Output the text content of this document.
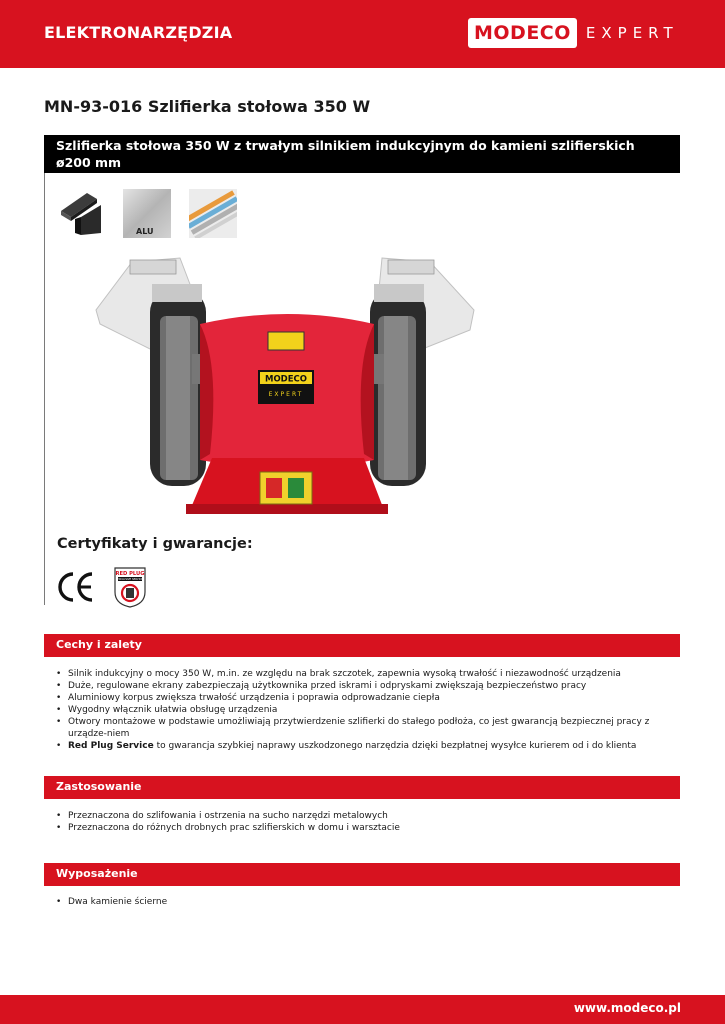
ELEKTRONARZĘDZIA	MODECO	EXPERT
MN-93-016 Szlifierka stołowa 350 W
Szlifierka stołowa 350 W z trwałym silnikiem indukcyjnym do kamieni szlifierskich ø200 mm
ALU
MODECO
EXPERT
Certyfikaty i gwarancje:
RED PLUG
EXCLUSIVE SERVICE
Cechy i zalety
• Silnik indukcyjny o mocy 350 W, m.in. ze względu na brak szczotek, zapewnia wysoką trwałość i niezawodność urządzenia
• Duże, regulowane ekrany zabezpieczają użytkownika przed iskrami i odpryskami zwiększają bezpieczeństwo pracy
• Aluminiowy korpus zwiększa trwałość urządzenia i poprawia odprowadzanie ciepła
• Wygodny włącznik ułatwia obsługę urządzenia
• Otwory montażowe w podstawie umożliwiają przytwierdzenie szlifierki do stałego podłoża, co jest gwarancją bezpiecznej pracy z urządze-niem
• Red Plug Service to gwarancja szybkiej naprawy uszkodzonego narzędzia dzięki bezpłatnej wysyłce kurierem od i do klienta
Zastosowanie
• Przeznaczona do szlifowania i ostrzenia na sucho narzędzi metalowych
• Przeznaczona do różnych drobnych prac szlifierskich w domu i warsztacie
Wyposażenie
• Dwa kamienie ścierne
www.modeco.pl
